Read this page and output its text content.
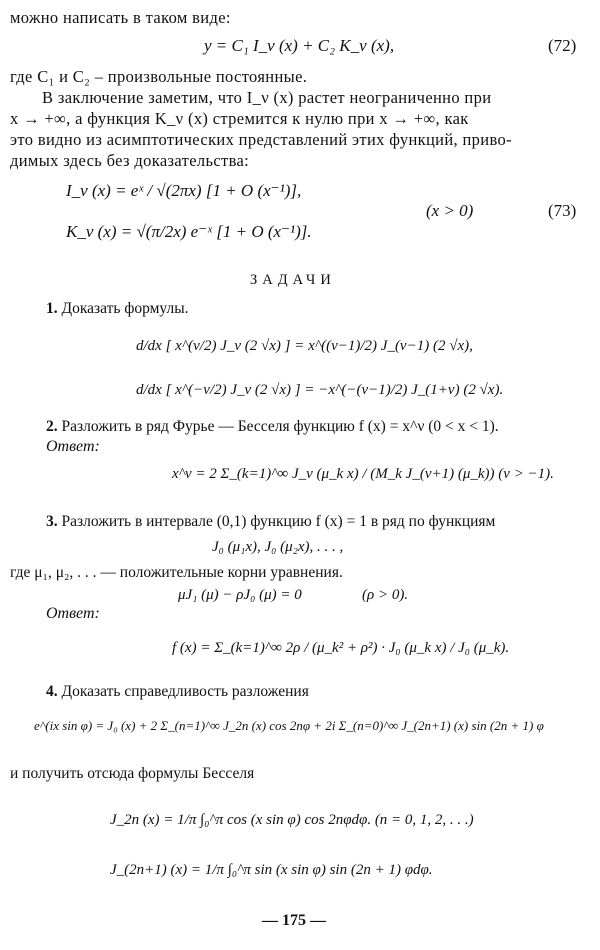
можно написать в таком виде:
y = C₁ I_ν (x) + C₂ K_ν (x),	(72)
где C₁ и C₂ – произвольные постоянные.
В заключение заметим, что I_ν (x) растет неограниченно при
x → +∞, а функция K_ν (x) стремится к нулю при x → +∞, как
это видно из асимптотических представлений этих функций, приво-
димых здесь без доказательства:
I_ν (x) = eˣ / √(2πx) [1 + O (x⁻¹)],
K_ν (x) = √(π/2x) e⁻ˣ [1 + O (x⁻¹)].
(x > 0)	(73)
ЗАДАЧИ
1. Доказать формулы.
d/dx [ x^(ν/2) J_ν (2 √x) ] = x^((ν−1)/2) J_(ν−1) (2 √x),
d/dx [ x^(−ν/2) J_ν (2 √x) ] = −x^(−(ν−1)/2) J_(1+ν) (2 √x).
2. Разложить в ряд Фурье — Бесселя функцию f (x) = x^ν (0 < x < 1).
Ответ:
x^ν = 2 Σ_(k=1)^∞ J_ν (μ_k x) / (M_k J_(ν+1) (μ_k)) (ν > −1).
3. Разложить в интервале (0,1) функцию f (x) = 1 в ряд по функциям
J₀ (μ₁x), J₀ (μ₂x), . . . ,
где μ₁, μ₂, . . . — положительные корни уравнения.
μJ₁ (μ) − ρJ₀ (μ) = 0	(ρ > 0).
Ответ:
f (x) = Σ_(k=1)^∞ 2ρ / (μ_k² + ρ²) · J₀ (μ_k x) / J₀ (μ_k).
4. Доказать справедливость разложения
e^(ix sin φ) = J₀ (x) + 2 Σ_(n=1)^∞ J_2n (x) cos 2nφ + 2i Σ_(n=0)^∞ J_(2n+1) (x) sin (2n + 1) φ
и получить отсюда формулы Бесселя
J_2n (x) = 1/π ∫₀^π cos (x sin φ) cos 2nφdφ. (n = 0, 1, 2, . . .)
J_(2n+1) (x) = 1/π ∫₀^π sin (x sin φ) sin (2n + 1) φdφ.
— 175 —
